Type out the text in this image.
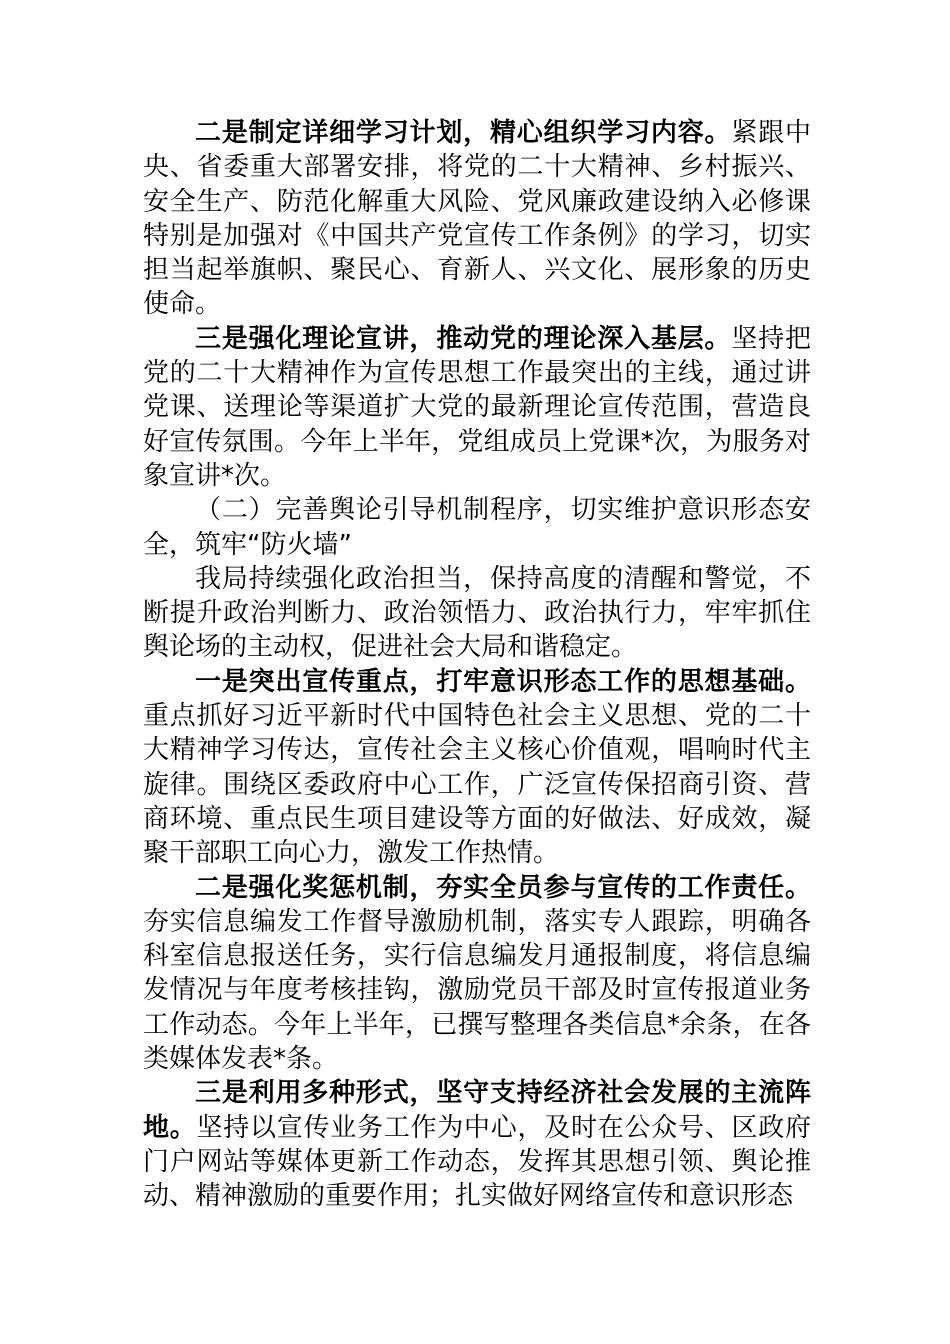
二是制定详细学习计划，精心组织学习内容。紧跟中央、省委重大部署安排，将党的二十大精神、乡村振兴、安全生产、防范化解重大风险、党风廉政建设纳入必修课特别是加强对《中国共产党宣传工作条例》的学习，切实担当起举旗帜、聚民心、育新人、兴文化、展形象的历史使命。

三是强化理论宣讲，推动党的理论深入基层。坚持把党的二十大精神作为宣传思想工作最突出的主线，通过讲党课、送理论等渠道扩大党的最新理论宣传范围，营造良好宣传氛围。今年上半年，党组成员上党课*次，为服务对象宣讲*次。

（二）完善舆论引导机制程序，切实维护意识形态安全，筑牢“防火墙”

我局持续强化政治担当，保持高度的清醒和警觉，不断提升政治判断力、政治领悟力、政治执行力，牢牢抓住舆论场的主动权，促进社会大局和谐稳定。

一是突出宣传重点，打牢意识形态工作的思想基础。重点抓好习近平新时代中国特色社会主义思想、党的二十大精神学习传达，宣传社会主义核心价值观，唱响时代主旋律。围绕区委政府中心工作，广泛宣传保招商引资、营商环境、重点民生项目建设等方面的好做法、好成效，凝聚干部职工向心力，激发工作热情。

二是强化奖惩机制，夯实全员参与宣传的工作责任。夯实信息编发工作督导激励机制，落实专人跟踪，明确各科室信息报送任务，实行信息编发月通报制度，将信息编发情况与年度考核挂钩，激励党员干部及时宣传报道业务工作动态。今年上半年，已撰写整理各类信息*余条，在各类媒体发表*条。

三是利用多种形式，坚守支持经济社会发展的主流阵地。坚持以宣传业务工作为中心，及时在公众号、区政府门户网站等媒体更新工作动态，发挥其思想引领、舆论推动、精神激励的重要作用；扎实做好网络宣传和意识形态
